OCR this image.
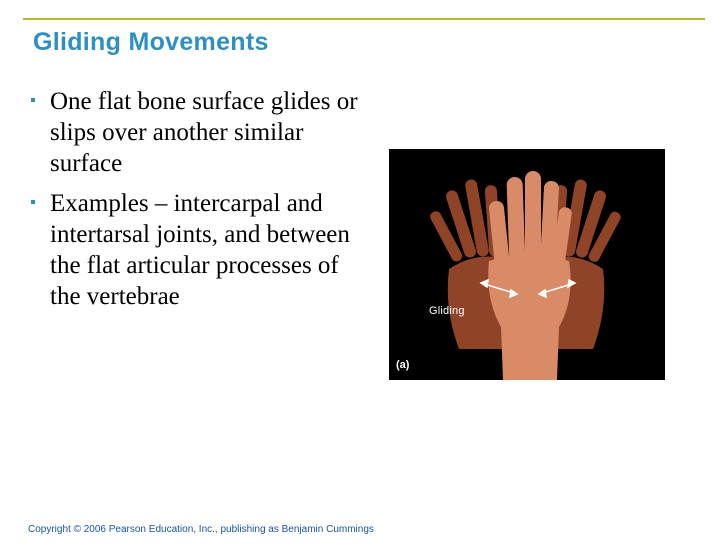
Gliding Movements
One flat bone surface glides or slips over another similar surface
Examples – intercarpal and intertarsal joints, and between the flat articular processes of the vertebrae
Gliding
(a)
Copyright © 2006 Pearson Education, Inc., publishing as Benjamin Cummings
